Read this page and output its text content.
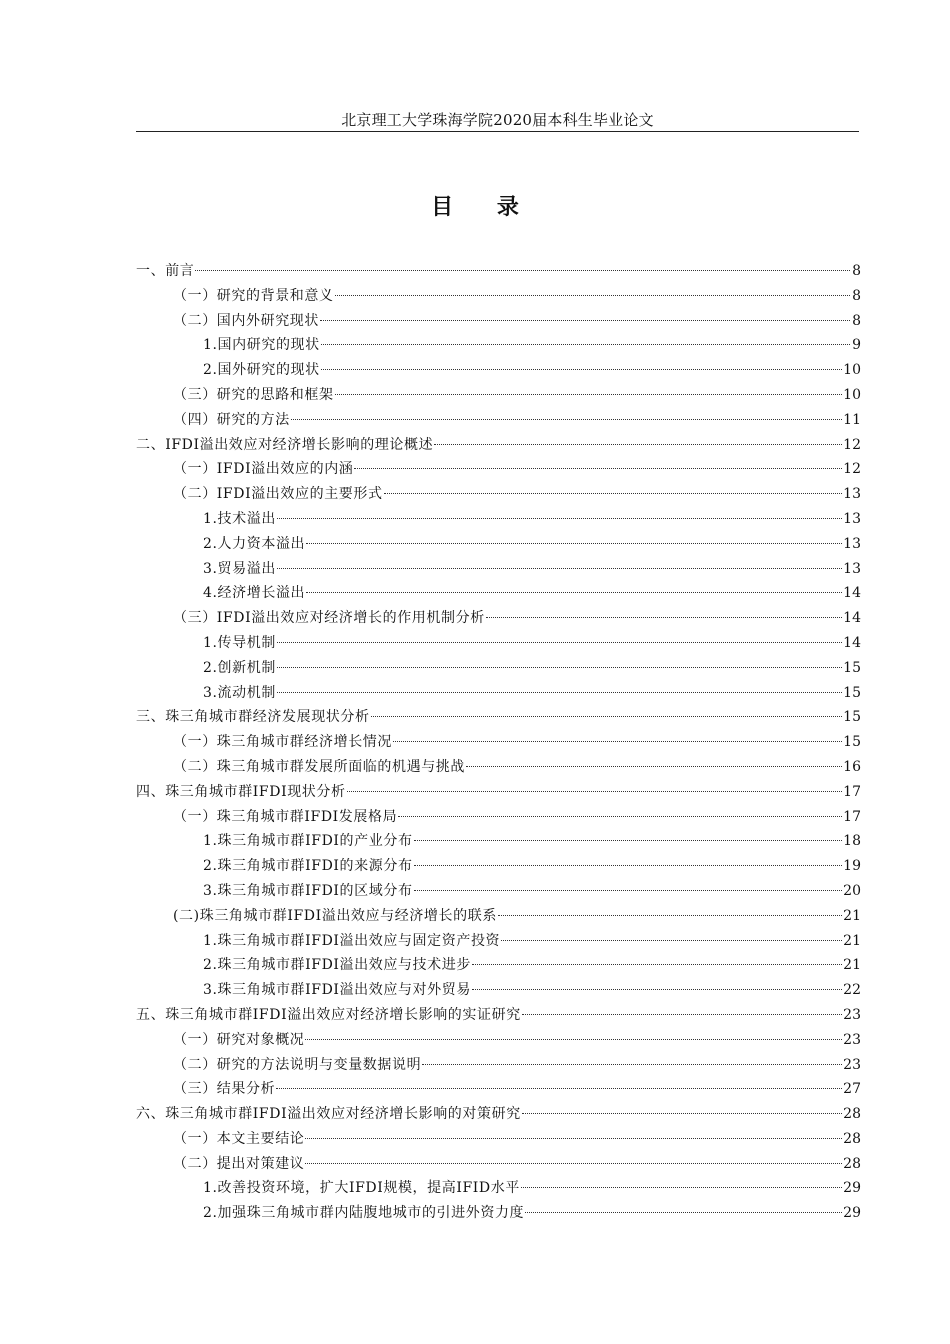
北京理工大学珠海学院2020届本科生毕业论文
目 录
一、前言	8
（一）研究的背景和意义	8
（二）国内外研究现状	8
1.国内研究的现状	9
2.国外研究的现状	10
（三）研究的思路和框架	10
（四）研究的方法	11
二、IFDI溢出效应对经济增长影响的理论概述	12
（一）IFDI溢出效应的内涵	12
（二）IFDI溢出效应的主要形式	13
1.技术溢出	13
2.人力资本溢出	13
3.贸易溢出	13
4.经济增长溢出	14
（三）IFDI溢出效应对经济增长的作用机制分析	14
1.传导机制	14
2.创新机制	15
3.流动机制	15
三、珠三角城市群经济发展现状分析	15
（一）珠三角城市群经济增长情况	15
（二）珠三角城市群发展所面临的机遇与挑战	16
四、珠三角城市群IFDI现状分析	17
（一）珠三角城市群IFDI发展格局	17
1.珠三角城市群IFDI的产业分布	18
2.珠三角城市群IFDI的来源分布	19
3.珠三角城市群IFDI的区域分布	20
(二)珠三角城市群IFDI溢出效应与经济增长的联系	21
1.珠三角城市群IFDI溢出效应与固定资产投资	21
2.珠三角城市群IFDI溢出效应与技术进步	21
3.珠三角城市群IFDI溢出效应与对外贸易	22
五、珠三角城市群IFDI溢出效应对经济增长影响的实证研究	23
（一）研究对象概况	23
（二）研究的方法说明与变量数据说明	23
（三）结果分析	27
六、珠三角城市群IFDI溢出效应对经济增长影响的对策研究	28
（一）本文主要结论	28
（二）提出对策建议	28
1.改善投资环境，扩大IFDI规模，提高IFID水平	29
2.加强珠三角城市群内陆腹地城市的引进外资力度	29
